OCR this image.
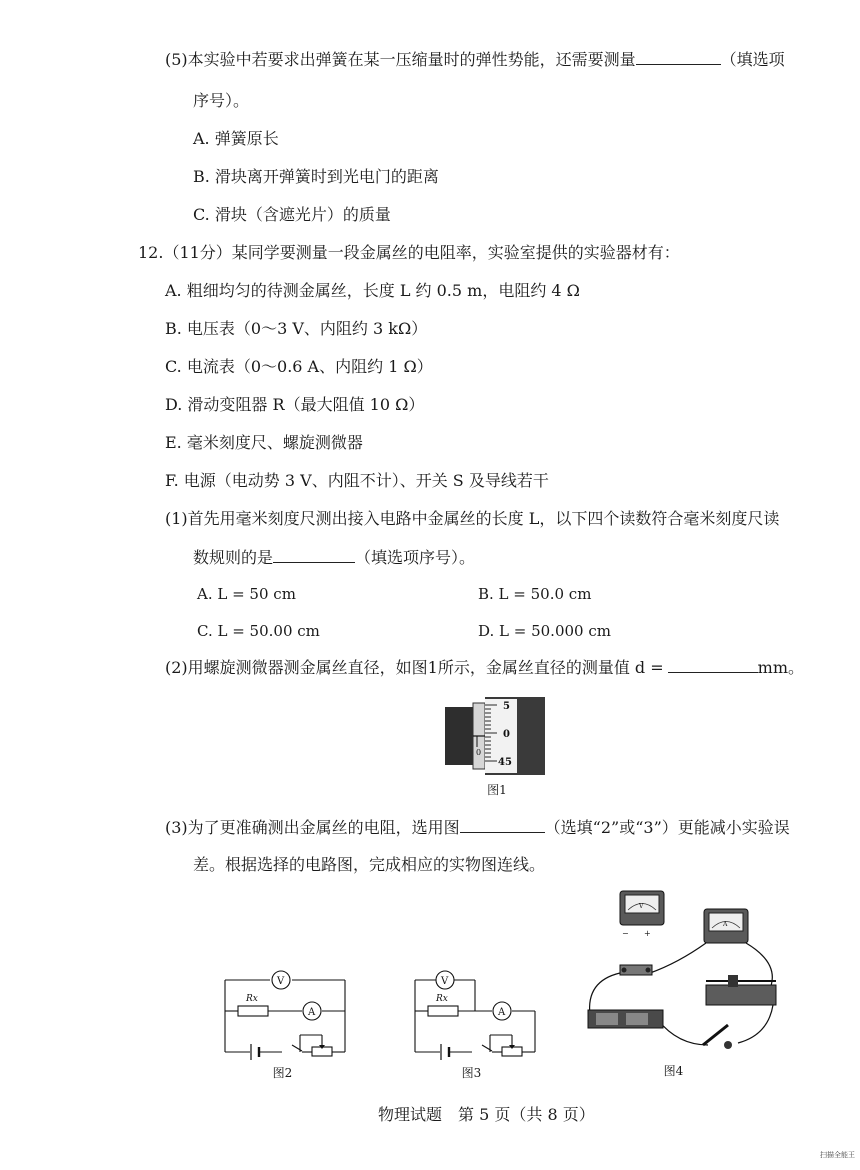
(5)本实验中若要求出弹簧在某一压缩量时的弹性势能，还需要测量	（填选项
序号）。
A. 弹簧原长
B. 滑块离开弹簧时到光电门的距离
C. 滑块（含遮光片）的质量
12.（11分）某同学要测量一段金属丝的电阻率，实验室提供的实验器材有：
A. 粗细均匀的待测金属丝，长度 L 约 0.5 m，电阻约 4 Ω
B. 电压表（0～3 V、内阻约 3 kΩ）
C. 电流表（0～0.6 A、内阻约 1 Ω）
D. 滑动变阻器 R（最大阻值 10 Ω）
E. 毫米刻度尺、螺旋测微器
F. 电源（电动势 3 V、内阻不计）、开关 S 及导线若干
(1)首先用毫米刻度尺测出接入电路中金属丝的长度 L，以下四个读数符合毫米刻度尺读
数规则的是	（填选项序号）。
A. L = 50 cm	B. L = 50.0 cm
C. L = 50.00 cm	D. L = 50.000 cm
(2)用螺旋测微器测金属丝直径，如图1所示，金属丝直径的测量值 d =	mm。
0
5
0
45
图1
(3)为了更准确测出金属丝的电阻，选用图	（选填“2”或“3”）更能减小实验误
差。根据选择的电路图，完成相应的实物图连线。
V
Rx
A
图2
V
Rx
A
图3
V
− +
A
图4
物理试题　第 5 页（共 8 页）
扫描全能王
